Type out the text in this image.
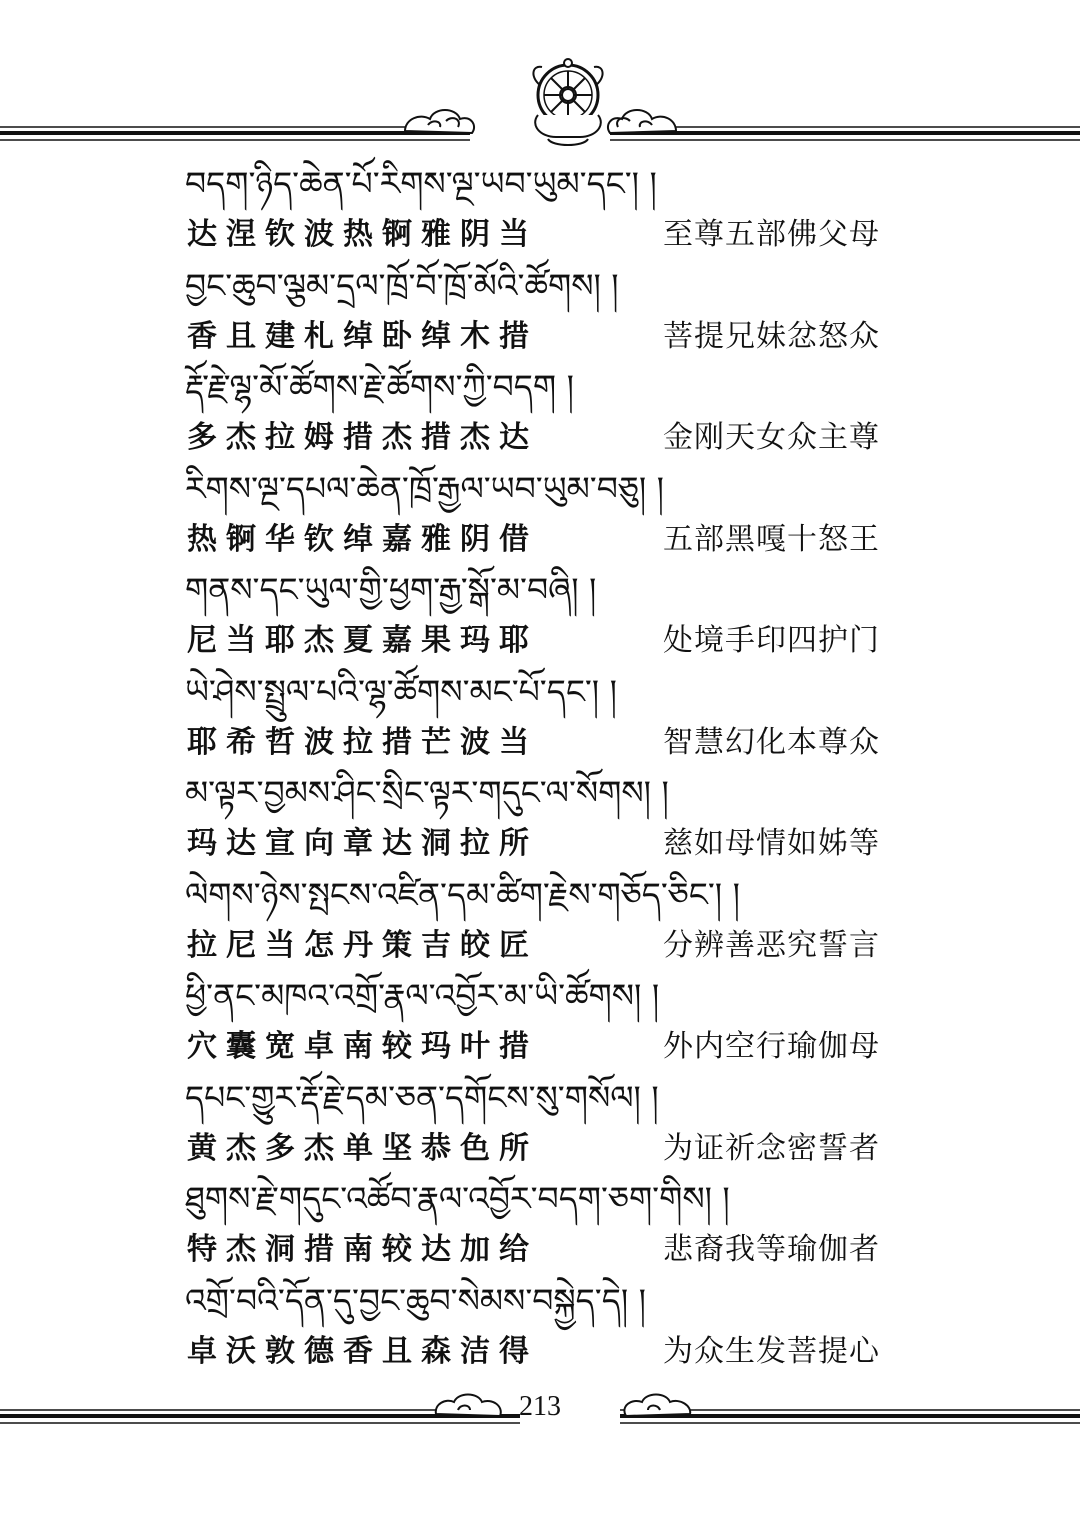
བདག་ཉིད་ཆེན་པོ་རིགས་ལྔ་ཡབ་ཡུམ་དང་། །
达涅钦波热锕雅阴当	至尊五部佛父母
བྱང་ཆུབ་ལྕམ་དྲལ་ཁྲོ་བོ་ཁྲོ་མོའི་ཚོགས། །
香且建札绰卧绰木措	菩提兄妹忿怒众
རྡོ་རྗེ་ལྷ་མོ་ཚོགས་རྗེ་ཚོགས་ཀྱི་བདག །
多杰拉姆措杰措杰达	金刚天女众主尊
རིགས་ལྔ་དཔལ་ཆེན་ཁྲོ་རྒྱལ་ཡབ་ཡུམ་བཅུ། །
热锕华钦绰嘉雅阴借	五部黑嘎十怒王
གནས་དང་ཡུལ་གྱི་ཕྱག་རྒྱ་སྒོ་མ་བཞི། །
尼当耶杰夏嘉果玛耶	处境手印四护门
ཡེ་ཤེས་སྤྲུལ་པའི་ལྷ་ཚོགས་མང་པོ་དང་། །
耶希哲波拉措芒波当	智慧幻化本尊众
མ་ལྟར་བྱམས་ཤིང་སྲིང་ལྟར་གདུང་ལ་སོགས། །
玛达宣向章达洞拉所	慈如母情如姊等
ལེགས་ཉེས་སྤངས་འཛིན་དམ་ཚིག་རྗེས་གཅོད་ཅིང་། །
拉尼当怎丹策吉皎匠	分辨善恶究誓言
ཕྱི་ནང་མཁའ་འགྲོ་རྣལ་འབྱོར་མ་ཡི་ཚོགས། །
穴囊宽卓南较玛叶措	外内空行瑜伽母
དཔང་གྱུར་རྡོ་རྗེ་དམ་ཅན་དགོངས་སུ་གསོལ། །
黄杰多杰单坚恭色所	为证祈念密誓者
ཐུགས་རྗེ་གདུང་འཚོབ་རྣལ་འབྱོར་བདག་ཅག་གིས། །
特杰洞措南较达加给	悲裔我等瑜伽者
འགྲོ་བའི་དོན་དུ་བྱང་ཆུབ་སེམས་བསྐྱེད་དེ། །
卓沃敦德香且森洁得	为众生发菩提心
213
